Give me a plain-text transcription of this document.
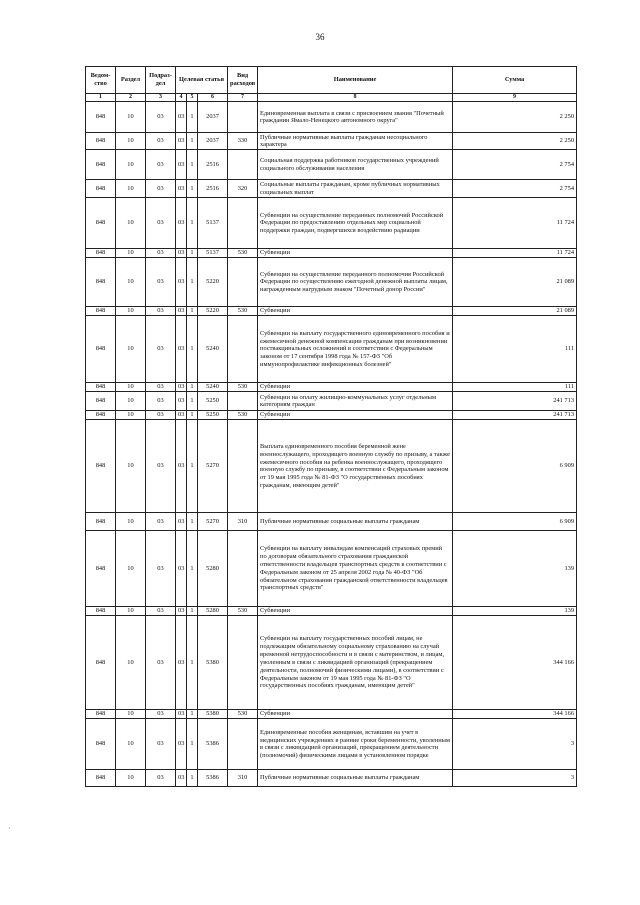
36
·
Ведом-ство	Раздел	Подраз-дел	Целевая статья			Вид расходов	Наименование	Сумма
1	2	3	4	5	6	7	8	9
848	10	03	03	1	2037		Единовременная выплата в связи с присвоением звания "Почетный гражданин Ямало-Ненецкого автономного округа"	2 250
848	10	03	03	1	2037	330	Публичные нормативные выплаты гражданам несоциального характера	2 250
848	10	03	03	1	2516		Социальная поддержка работников государственных учреждений социального обслуживания населения	2 754
848	10	03	03	1	2516	320	Социальные выплаты гражданам, кроме публичных нормативных социальных выплат	2 754
848	10	03	03	1	5137		Субвенции на осуществление переданных полномочий Российской Федерации по предоставлению отдельных мер социальной поддержки граждан, подвергшихся воздействию радиации	11 724
848	10	03	03	1	5137	530	Субвенции	11 724
848	10	03	03	1	5220		Субвенции на осуществление переданного полномочия Российской Федерации по осуществлению ежегодной денежной выплаты лицам, награжденным нагрудным знаком "Почетный донор России"	21 089
848	10	03	03	1	5220	530	Субвенции	21 089
848	10	03	03	1	5240		Субвенции на выплату государственного единовременного пособия и ежемесячной денежной компенсации гражданам при возникновении поствакцинальных осложнений в соответствии с Федеральным законом от 17 сентября 1998 года № 157-ФЗ "Об иммунопрофилактике инфекционных болезней"	111
848	10	03	03	1	5240	530	Субвенции	111
848	10	03	03	1	5250		Субвенции на оплату жилищно-коммунальных услуг отдельным категориям граждан	241 713
848	10	03	03	1	5250	530	Субвенции	241 713
848	10	03	03	1	5270		Выплата единовременного пособия беременной жене военнослужащего, проходящего военную службу по призыву, а также ежемесячного пособия на ребенка военнослужащего, проходящего военную службу по призыву, в соответствии с Федеральным законом от 19 мая 1995 года № 81-ФЗ "О государственных пособиях гражданам, имеющим детей"	6 909
848	10	03	03	1	5270	310	Публичные нормативные социальные выплаты гражданам	6 909
848	10	03	03	1	5280		Субвенции на выплату инвалидам компенсаций страховых премий по договорам обязательного страхования гражданской ответственности владельцев транспортных средств в соответствии с Федеральным законом от 25 апреля 2002 года № 40-ФЗ "Об обязательном страховании гражданской ответственности владельцев транспортных средств"	139
848	10	03	03	1	5280	530	Субвенции	139
848	10	03	03	1	5380		Субвенции на выплату государственных пособий лицам, не подлежащим обязательному социальному страхованию на случай временной нетрудоспособности и в связи с материнством, и лицам, уволенным в связи с ликвидацией организаций (прекращением деятельности, полномочий физическими лицами), в соответствии с Федеральным законом от 19 мая 1995 года № 81-ФЗ "О государственных пособиях гражданам, имеющим детей"	344 166
848	10	03	03	1	5380	530	Субвенции	344 166
848	10	03	03	1	5386		Единовременные пособия женщинам, вставшим на учет в медицинских учреждениях в ранние сроки беременности, уволенным в связи с ликвидацией организаций, прекращением деятельности (полномочий) физическими лицами в установленном порядке	3
848	10	03	03	1	5386	310	Публичные нормативные социальные выплаты гражданам	3
